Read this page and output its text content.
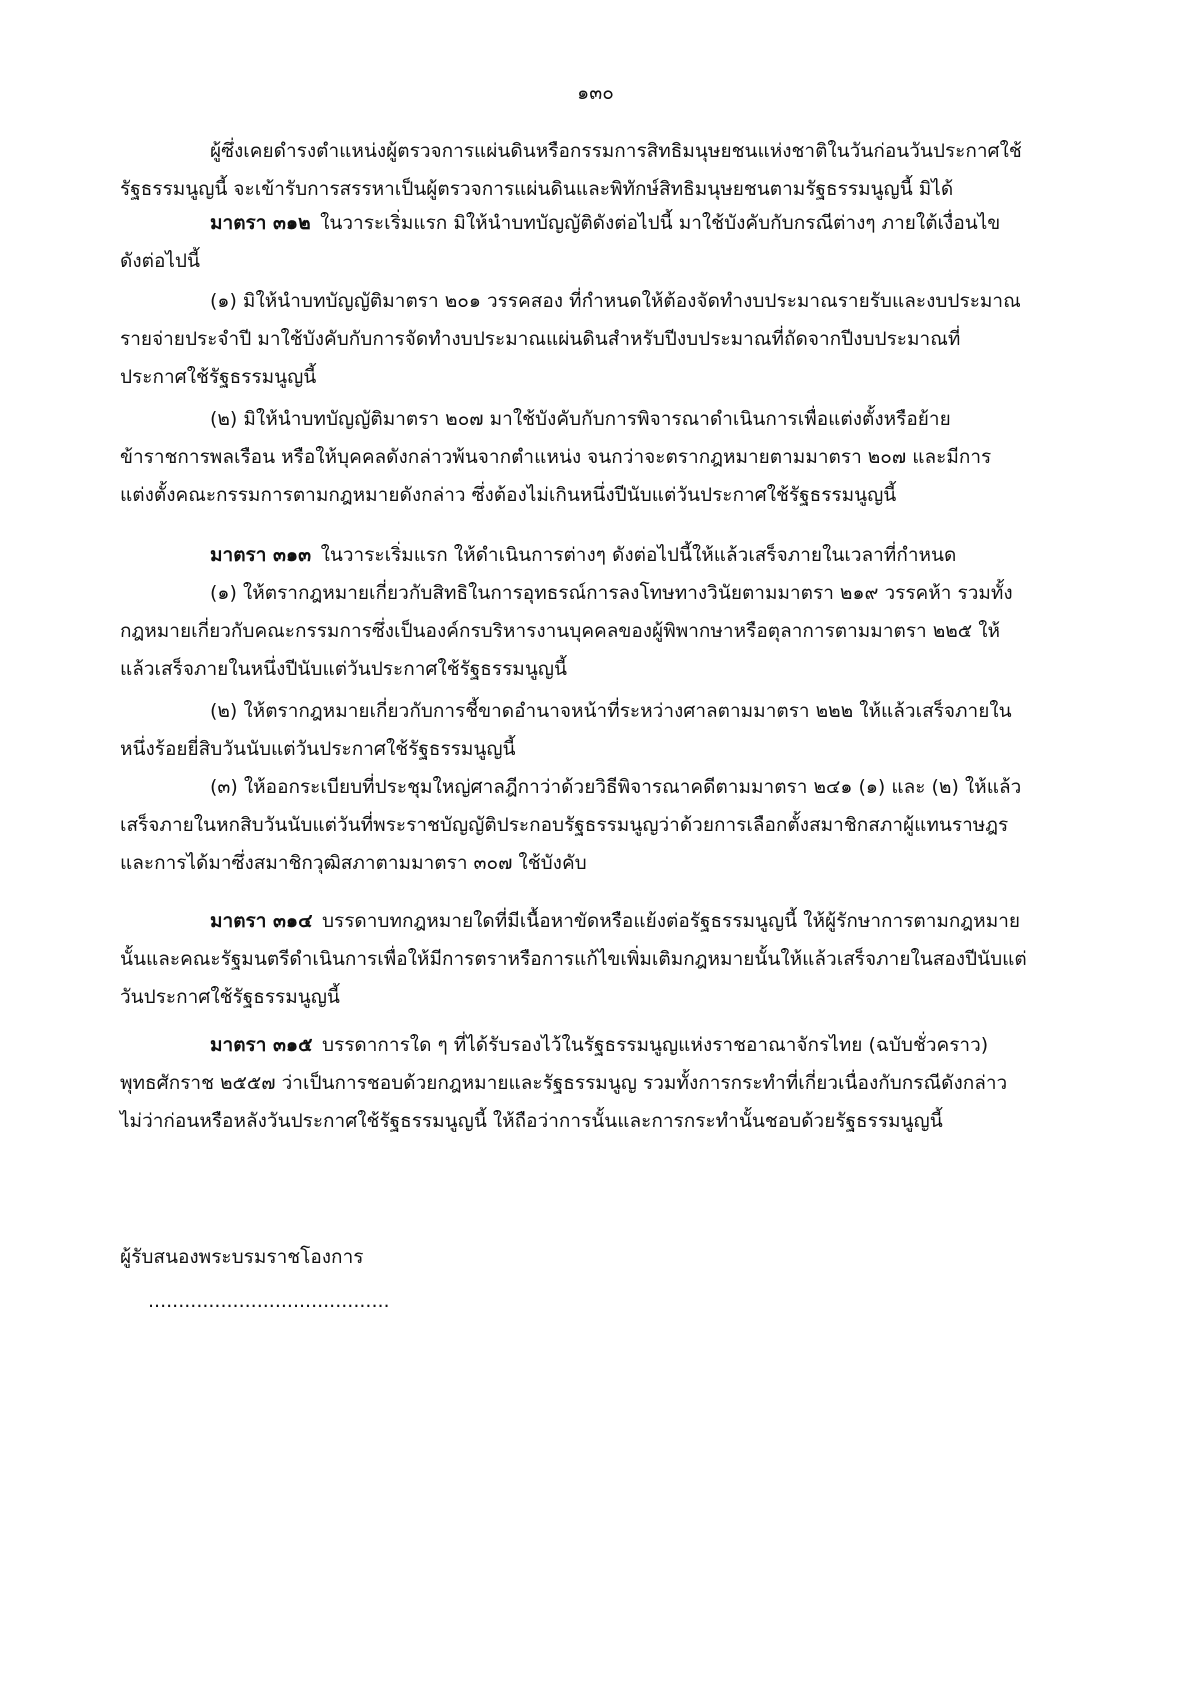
๑๓๐
ผู้ซึ่งเคยดำรงตำแหน่งผู้ตรวจการแผ่นดินหรือกรรมการสิทธิมนุษยชนแห่งชาติในวันก่อนวันประกาศใช้
รัฐธรรมนูญนี้ จะเข้ารับการสรรหาเป็นผู้ตรวจการแผ่นดินและพิทักษ์สิทธิมนุษยชนตามรัฐธรรมนูญนี้ มิได้
มาตรา ๓๑๒  ในวาระเริ่มแรก มิให้นำบทบัญญัติดังต่อไปนี้ มาใช้บังคับกับกรณีต่างๆ ภายใต้เงื่อนไข
ดังต่อไปนี้
(๑) มิให้นำบทบัญญัติมาตรา ๒๐๑ วรรคสอง ที่กำหนดให้ต้องจัดทำงบประมาณรายรับและงบประมาณ
รายจ่ายประจำปี มาใช้บังคับกับการจัดทำงบประมาณแผ่นดินสำหรับปีงบประมาณที่ถัดจากปีงบประมาณที่
ประกาศใช้รัฐธรรมนูญนี้
(๒) มิให้นำบทบัญญัติมาตรา ๒๐๗ มาใช้บังคับกับการพิจารณาดำเนินการเพื่อแต่งตั้งหรือย้าย
ข้าราชการพลเรือน หรือให้บุคคลดังกล่าวพ้นจากตำแหน่ง จนกว่าจะตรากฎหมายตามมาตรา ๒๐๗ และมีการ
แต่งตั้งคณะกรรมการตามกฎหมายดังกล่าว ซึ่งต้องไม่เกินหนึ่งปีนับแต่วันประกาศใช้รัฐธรรมนูญนี้
มาตรา ๓๑๓  ในวาระเริ่มแรก ให้ดำเนินการต่างๆ ดังต่อไปนี้ให้แล้วเสร็จภายในเวลาที่กำหนด
(๑) ให้ตรากฎหมายเกี่ยวกับสิทธิในการอุทธรณ์การลงโทษทางวินัยตามมาตรา ๒๑๙ วรรคห้า รวมทั้ง
กฎหมายเกี่ยวกับคณะกรรมการซึ่งเป็นองค์กรบริหารงานบุคคลของผู้พิพากษาหรือตุลาการตามมาตรา ๒๒๕ ให้
แล้วเสร็จภายในหนึ่งปีนับแต่วันประกาศใช้รัฐธรรมนูญนี้
(๒) ให้ตรากฎหมายเกี่ยวกับการชี้ขาดอำนาจหน้าที่ระหว่างศาลตามมาตรา ๒๒๒ ให้แล้วเสร็จภายใน
หนึ่งร้อยยี่สิบวันนับแต่วันประกาศใช้รัฐธรรมนูญนี้
(๓) ให้ออกระเบียบที่ประชุมใหญ่ศาลฎีกาว่าด้วยวิธีพิจารณาคดีตามมาตรา ๒๔๑ (๑) และ (๒) ให้แล้ว
เสร็จภายในหกสิบวันนับแต่วันที่พระราชบัญญัติประกอบรัฐธรรมนูญว่าด้วยการเลือกตั้งสมาชิกสภาผู้แทนราษฎร
และการได้มาซึ่งสมาชิกวุฒิสภาตามมาตรา ๓๐๗ ใช้บังคับ
มาตรา ๓๑๔  บรรดาบทกฎหมายใดที่มีเนื้อหาขัดหรือแย้งต่อรัฐธรรมนูญนี้ ให้ผู้รักษาการตามกฎหมาย
นั้นและคณะรัฐมนตรีดำเนินการเพื่อให้มีการตราหรือการแก้ไขเพิ่มเติมกฎหมายนั้นให้แล้วเสร็จภายในสองปีนับแต่
วันประกาศใช้รัฐธรรมนูญนี้
มาตรา ๓๑๕  บรรดาการใด ๆ ที่ได้รับรองไว้ในรัฐธรรมนูญแห่งราชอาณาจักรไทย (ฉบับชั่วคราว)
พุทธศักราช ๒๕๕๗ ว่าเป็นการชอบด้วยกฎหมายและรัฐธรรมนูญ รวมทั้งการกระทำที่เกี่ยวเนื่องกับกรณีดังกล่าว
ไม่ว่าก่อนหรือหลังวันประกาศใช้รัฐธรรมนูญนี้ ให้ถือว่าการนั้นและการกระทำนั้นชอบด้วยรัฐธรรมนูญนี้
ผู้รับสนองพระบรมราชโองการ
........................................
